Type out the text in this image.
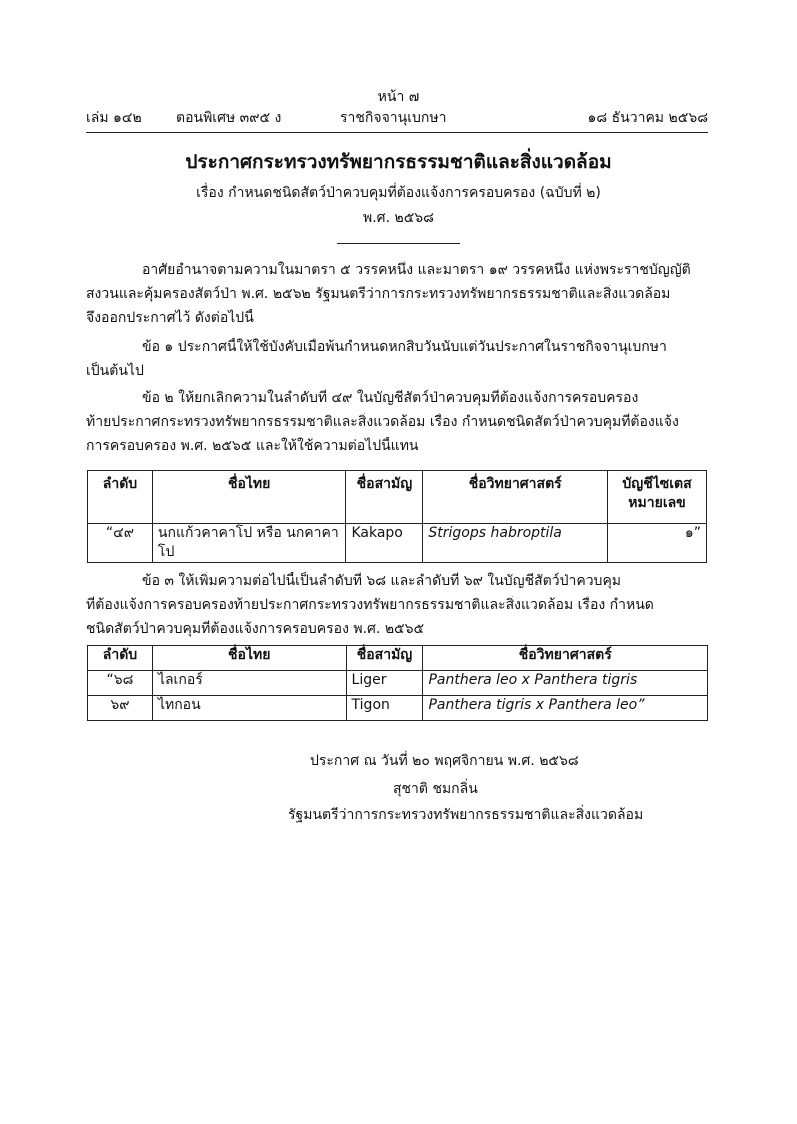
หน้า ๗
เล่ม ๑๔๒ ตอนพิเศษ ๓๙๕ ง	ราชกิจจานุเบกษา	๑๘ ธันวาคม ๒๕๖๘
ประกาศกระทรวงทรัพยากรธรรมชาติและสิ่งแวดล้อม
เรื่อง กำหนดชนิดสัตว์ป่าควบคุมที่ต้องแจ้งการครอบครอง (ฉบับที่ ๒)
พ.ศ. ๒๕๖๘
อาศัยอำนาจตามความในมาตรา ๕ วรรคหนึ่ง และมาตรา ๑๙ วรรคหนึ่ง แห่งพระราชบัญญัติ
สงวนและคุ้มครองสัตว์ป่า พ.ศ. ๒๕๖๒ รัฐมนตรีว่าการกระทรวงทรัพยากรธรรมชาติและสิ่งแวดล้อม
จึงออกประกาศไว้ ดังต่อไปนี้
ข้อ ๑ ประกาศนี้ให้ใช้บังคับเมื่อพ้นกำหนดหกสิบวันนับแต่วันประกาศในราชกิจจานุเบกษา
เป็นต้นไป
ข้อ ๒ ให้ยกเลิกความในลำดับที่ ๔๙ ในบัญชีสัตว์ป่าควบคุมที่ต้องแจ้งการครอบครอง
ท้ายประกาศกระทรวงทรัพยากรธรรมชาติและสิ่งแวดล้อม เรื่อง กำหนดชนิดสัตว์ป่าควบคุมที่ต้องแจ้ง
การครอบครอง พ.ศ. ๒๕๖๕ และให้ใช้ความต่อไปนี้แทน
ลำดับ	ชื่อไทย	ชื่อสามัญ	ชื่อวิทยาศาสตร์	บัญชีไซเตส
หมายเลข
“๔๙	นกแก้วคาคาโป หรือ นกคาคาโป	Kakapo	Strigops habroptila	๑”
ข้อ ๓ ให้เพิ่มความต่อไปนี้เป็นลำดับที่ ๖๘ และลำดับที่ ๖๙ ในบัญชีสัตว์ป่าควบคุม
ที่ต้องแจ้งการครอบครองท้ายประกาศกระทรวงทรัพยากรธรรมชาติและสิ่งแวดล้อม เรื่อง กำหนด
ชนิดสัตว์ป่าควบคุมที่ต้องแจ้งการครอบครอง พ.ศ. ๒๕๖๕
ลำดับ	ชื่อไทย	ชื่อสามัญ	ชื่อวิทยาศาสตร์
“๖๘	ไลเกอร์	Liger	Panthera leo x Panthera tigris
๖๙	ไทกอน	Tigon	Panthera tigris x Panthera leo”
ประกาศ ณ วันที่ ๒๐ พฤศจิกายน พ.ศ. ๒๕๖๘
สุชาติ ชมกลิ่น
รัฐมนตรีว่าการกระทรวงทรัพยากรธรรมชาติและสิ่งแวดล้อม
